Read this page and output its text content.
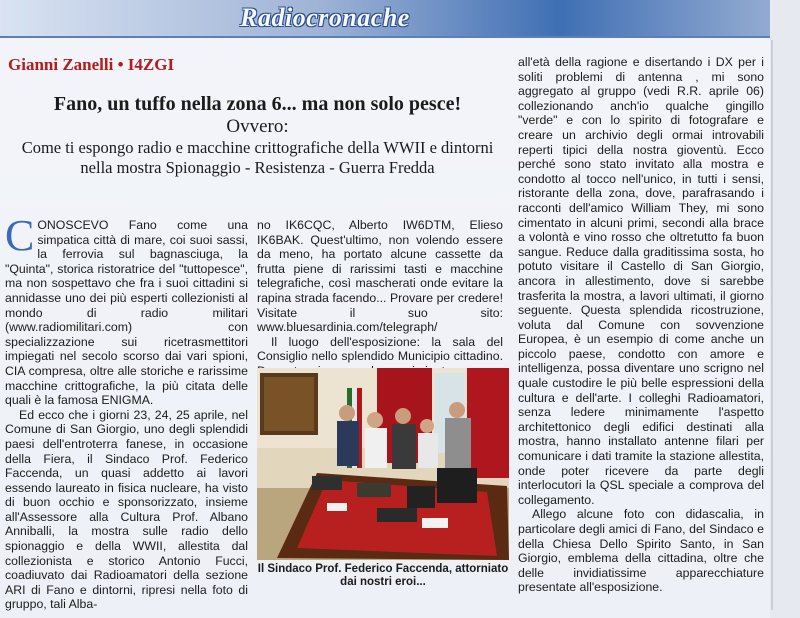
Radiocronache
Gianni Zanelli • I4ZGI
Fano, un tuffo nella zona 6... ma non solo pesce!
Ovvero:
Come ti espongo radio e macchine crittografiche della WWII e dintorni nella mostra Spionaggio - Resistenza - Guerra Fredda

CONOSCEVO Fano come una simpatica città di mare, coi suoi sassi, la ferrovia sul bagnasciuga, la "Quinta", storica ristoratrice del "tuttopesce", ma non sospettavo che fra i suoi cittadini si annidasse uno dei più esperti collezionisti al mondo di radio militari (www.radiomilitari.com) con specializzazione sui ricetrasmettitori impiegati nel secolo scorso dai vari spioni, CIA compresa, oltre alle storiche e rarissime macchine crittografiche, la più citata delle quali è la famosa ENIGMA.

Ed ecco che i giorni 23, 24, 25 aprile, nel Comune di San Giorgio, uno degli splendidi paesi dell'entroterra fanese, in occasione della Fiera, il Sindaco Prof. Federico Faccenda, un quasi addetto ai lavori essendo laureato in fisica nucleare, ha visto di buon occhio e sponsorizzato, insieme all'Assessore alla Cultura Prof. Albano Anniballi, la mostra sulle radio dello spionaggio e della WWII, allestita dal collezionista e storico Antonio Fucci, coadiuvato dai Radioamatori della sezione ARI di Fano e dintorni, ripresi nella foto di gruppo, tali Alba-

no IK6CQC, Alberto IW6DTM, Elieso IK6BAK. Quest'ultimo, non volendo essere da meno, ha portato alcune cassette da frutta piene di rarissimi tasti e macchine telegrafiche, così mascherati onde evitare la rapina strada facendo... Provare per credere! Visitate il suo sito: www.bluesardinia.com/telegraph/

Il luogo dell'esposizione: la sala del Consiglio nello splendido Municipio cittadino.

Il Sindaco Prof. Federico Faccenda, attorniato dai nostri eroi...

all'età della ragione e disertando i DX per i soliti problemi di antenna , mi sono aggregato al gruppo (vedi R.R. aprile 06) collezionando anch'io qualche gingillo "verde" e con lo spirito di fotografare e creare un archivio degli ormai introvabili reperti tipici della nostra gioventù. Ecco perché sono stato invitato alla mostra e condotto al tocco nell'unico, in tutti i sensi, ristorante della zona, dove, parafrasando i racconti dell'amico William They, mi sono cimentato in alcuni primi, secondi alla brace a volontà e vino rosso che oltretutto fa buon sangue. Reduce dalla graditissima sosta, ho potuto visitare il Castello di San Giorgio, ancora in allestimento, dove si sarebbe trasferita la mostra, a lavori ultimati, il giorno seguente. Questa splendida ricostruzione, voluta dal Comune con sovvenzione Europea, è un esempio di come anche un piccolo paese, condotto con amore e intelligenza, possa diventare uno scrigno nel quale custodire le più belle espressioni della cultura e dell'arte. I colleghi Radioamatori, senza ledere minimamente l'aspetto architettonico degli edifici destinati alla mostra, hanno installato antenne filari per comunicare i dati tramite la stazione allestita, onde poter ricevere da parte degli interlocutori la QSL speciale a comprova del collegamento.

Allego alcune foto con didascalia, in particolare degli amici di Fano, del Sindaco e della Chiesa Dello Spirito Santo, in San Giorgio, emblema della cittadina, oltre che delle invidiatissime apparecchiature presentate all'esposizione.
